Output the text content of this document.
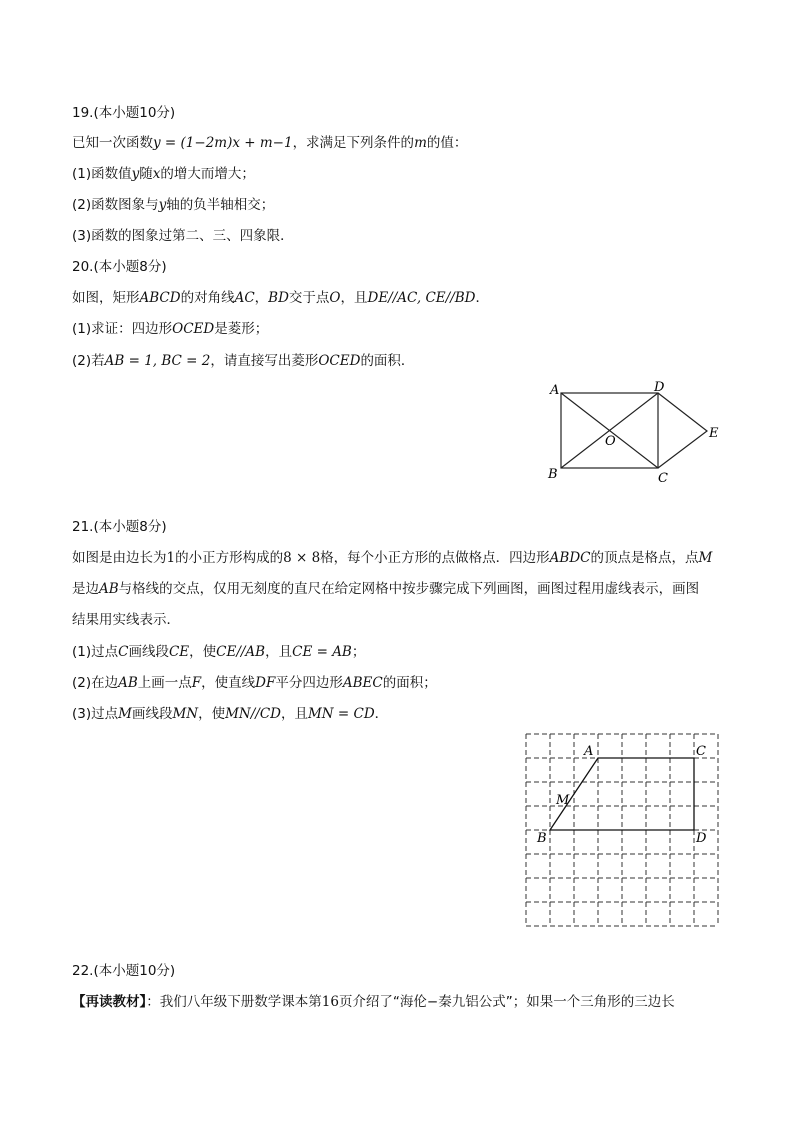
19.(本小题10分)
已知一次函数y = (1−2m)x + m−1，求满足下列条件的m的值：
(1)函数值y随x的增大而增大；
(2)函数图象与y轴的负半轴相交；
(3)函数的图象过第二、三、四象限．
20.(本小题8分)
如图，矩形ABCD的对角线AC，BD交于点O，且DE//AC, CE//BD．
(1)求证：四边形OCED是菱形；
(2)若AB = 1, BC = 2，请直接写出菱形OCED的面积．
A	D
E
O
B	C
21.(本小题8分)
如图是由边长为1的小正方形构成的8 × 8格，每个小正方形的点做格点．四边形ABDC的顶点是格点，点M
是边AB与格线的交点，仅用无刻度的直尺在给定网格中按步骤完成下列画图，画图过程用虚线表示，画图
结果用实线表示．
(1)过点C画线段CE，使CE//AB，且CE = AB；
(2)在边AB上画一点F，使直线DF平分四边形ABEC的面积；
(3)过点M画线段MN，使MN//CD，且MN = CD．
A	C
M
B	D
22.(本小题10分)
【再读教材】：我们八年级下册数学课本第16页介绍了“海伦−秦九铝公式”；如果一个三角形的三边长
